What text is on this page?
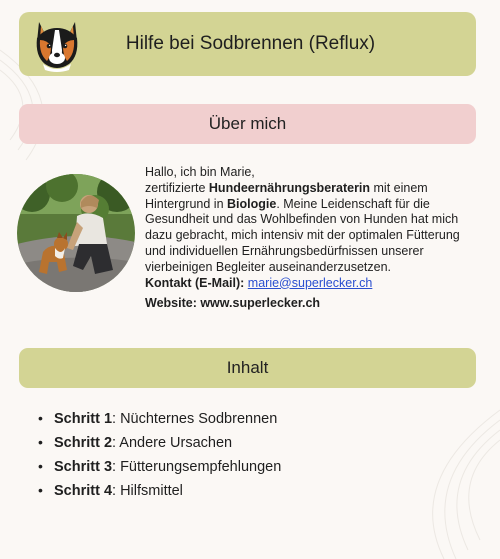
Hilfe bei Sodbrennen (Reflux)
Über mich

Hallo, ich bin Marie,
zertifizierte Hundeernährungsberaterin mit einem
Hintergrund in Biologie. Meine Leidenschaft für die Gesundheit und das Wohlbefinden von Hunden hat mich dazu gebracht, mich intensiv mit der optimalen Fütterung und individuellen Ernährungsbedürfnissen unserer vierbeinigen Begleiter auseinanderzusetzen.
Kontakt (E-Mail): marie@superlecker.ch

Website: www.superlecker.ch

Inhalt
• Schritt 1: Nüchternes Sodbrennen
• Schritt 2: Andere Ursachen
• Schritt 3: Fütterungsempfehlungen
• Schritt 4: Hilfsmittel
